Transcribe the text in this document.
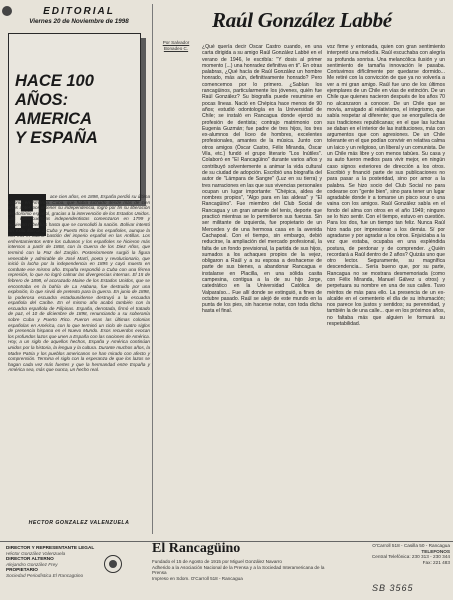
EDITORIAL
Viernes 20 de Noviembre de 1998
HACE 100 AÑOS:
AMERICA
Y ESPAÑA
H	ace cien años, en 1898, España perdió su última colonia en América: Cuba, que había luchado desde más de cien años antes por obtener su independencia, logró por fin su liberación del dominio español, gracias a la intervención de los Estados Unidos. Las consecuencias independentistas comenzaron en 1799 y siguieron rebeldías hasta que se consolidó la nación. Bolívar intentó sin éxito liberar a Cuba y Puerto Rico de los españoles, aunque la isla era el último bastión del imperio español en las Antillas. Los enfrentamientos entre los cubanos y los españoles se hicieron más intensos a partir de 1868, con la Guerra de los Diez Años, que terminó con la Paz del Zanjón. Posteriormente surgió la figura venerable y admirable de José Martí, poeta y revolucionario, que inició la lucha por la independencia en 1895 y cayó muerto en combate ese mismo año. España respondió a Cuba con una férrea represión, lo que no logró calmar las divergencias internas. El 15 de febrero de 1898, el acorazado Maine de los Estados Unidos, que se encontraba en la bahía de La Habana, fue destruido por una explosión, lo que sirvió de pretexto para la guerra. En junio de 1898, la poderosa escuadra estadounidense destruyó a la escuadra española del Caribe. En el mismo año acabó también con la escuadra española de Filipinas. España, derrotada, firmó el tratado de paz, el 10 de diciembre de 1898, renunciando a su soberanía sobre Cuba y Puerto Rico. Fueron esas las últimas colonias españolas en América, con lo que terminó un ciclo de cuatro siglos de presencia hispana en el Nuevo Mundo. Esos recuerdos evocan los profundos lazos que unen a España con las naciones de América. Hoy, a un siglo de aquellos hechos, España y América continúan unidos por la historia, la lengua y la cultura. Durante muchos años, la Madre Patria y los pueblos americanos se han mirado con afecto y comprensión. Termina el siglo con la esperanza de que los lazos se hagan cada vez más fuertes y que la hermandad entre España y América sea, más que nunca, un hecho real.

HECTOR GONZALEZ VALENZUELA
Por Salvador Bonadeo C.
Raúl González Labbé

¿Qué quería decir Óscar Castro cuando, en una carta dirigida a su amigo Raúl González Labbé en el verano de 1946, le escribía: "Y dosis al primer momento (...) una honradez definitiva en ti". En otras palabras, ¿Qué hacía de Raúl González un hombre honrado, más aún, definitivamente honrado? Pero comencemos por lo primero. ¿Sabían los rancagüinos, particularmente los jóvenes, quién fue Raúl González? Su biografía puede resumirse en pocas líneas. Nació en Chépica hace menos de 90 años; estudió odontología en la Universidad de Chile; se instaló en Rancagua donde ejerció su profesión de dentista; contrajo matrimonio con Eugenia Guzmán; fue padre de tres hijos, los tres ex-alumnos del liceo de hombres, excelentes profesionales, amantes de la música. Junto con otros amigos (Óscar Castro, Félix Miranda, Óscar Vila, etc.) fundó el grupo literario "Los Inútiles". Colaboró en "El Rancagüino" durante varios años y contribuyó solventemente a animar la vida cultural de su ciudad de adopción. Escribió una biografía del autor de "Lámpara de Sangre" (Luz en su tierra) y tres narraciones en las que sus vivencias personales ocupan un lugar importante: "Chépica, aldea de nombres propios", "Algo para en las aldeas" y "El Rancagüino". Fue miembro del Club Social de Rancagua y un gran amante del tenis, deporte que practicó mientras se lo permitieron sus fuerzas. Sin ser militante de izquierda, fue propietario de un Mercedes y de una hermosa casa en la avenida Cachapoal. Con el tiempo, sin embargo, debió reducirse, la ampliación del mercado profesional, la falta de un fondo previsional, la partida de sus hijos, sumados a los achaques propios de la vejez, obligaron a Raúl y a su esposa a deshacerse de parte de sus bienes, a abandonar Rancagua e instalarse en Placilla, en una sólida casita campesina, contigua a la de su hijo Jorge, catedrático en la Universidad Católica de Valparaíso... Fue allí donde se extinguió, a fines de octubre pasado. Raúl se alejó de este mundo en la punta de los pies, sin hacerse notar, con toda dicha hasta el final.

voz firme y entonada, quien con gran sentimiento interpretó una melodía. Raúl escuchaba con alegría su profunda sonrisa. Una melancólica ilusión y un sentimiento de tamaña innovación le pasaba. Contuvimos difícilmente por quedarse dormido... Me retiré con la convicción de que ya no volvería a ver a mi gran amigo. Raúl fue uno de los últimos ejemplares de un Chile en vías de extinción. De un Chile que quienes nacieron después de los años 70 no alcanzaron a conocer. De un Chile que se movía, arraigado al relativismo, el integrismo, que sabía respetar al diferente; que se enorgullecía de sus tradiciones republicanas; en el que las luchas se daban en el interior de las instituciones, más con argumentos que con agresiones. De un Chile tolerante en el que podían convivir en relativa calma un laico y un religioso, un liberal y un comunista. De un Chile más libre y con menos tabúes. Su casa y su auto fueron medios para vivir mejor, en ningún caso signos exteriores de dirección a los otros. Escribió y financió parte de sus publicaciones no para pasar a la posteridad, sino por amor a la palabra. Se hizo socio del Club Social no para codearse con "gente bien", sino para tener un lugar agradable donde ir a tomarse un pisco sour o una vaina con los amigos. Raúl González sabía en el fondo del alma con otros en el año 1949; ninguno se lo hizo sentir. Con el tiempo, estuvo en cuestión. Para los dos, fue un tiempo tan feliz. Nunca Raúl hizo nada por impresionar a los demás. Sí por agradarse y por agradar a los otros. Enjuiciaba a la vez que estaba, ocupaba en una espléndida postura, de perdonar y de comprender. ¿Quién recordará a Raúl dentro de 2 años? Quizás uno que otro lector. Seguramente, su magnífica descendencia... Sería bueno que, por su parte, Rancagua no se mostrara desmemoriada (como con Félix Miranda, Manuel Gálvez u otros) y perpetuara su nombre en una de sus calles. Tuvo méritos de más para ello. La presencia de un ex-alcalde en el cementerio el día de su inhumación; nos parece los justos y sentidos; su perennidad, y también la de una calle... que en los próximos años, no faltaba más que alguien le formará su respetabilidad.

DIRECTOR Y REPRESENTANTE LEGAL
Héctor González Valenzuela
DIRECTOR ALTERNO
Alejandro González Frey
PROPIETARIO
Sociedad Periodística El Rancagüino
El Rancagüino
Fundado el 15 de Agosto de 1915 por Miguel González Navarro
Adherido a la Asociación Nacional de la Prensa y a la Sociedad Interamericana de la Prensa
Impreso en Sdom. O'Carroll 518 - Rancagua
O'Carroll 518 - Casilla 50 - Rancagua
TELEFONOS
Central Telefónica: 230 313 - 230 344
Fax: 221 483
SB 3565
